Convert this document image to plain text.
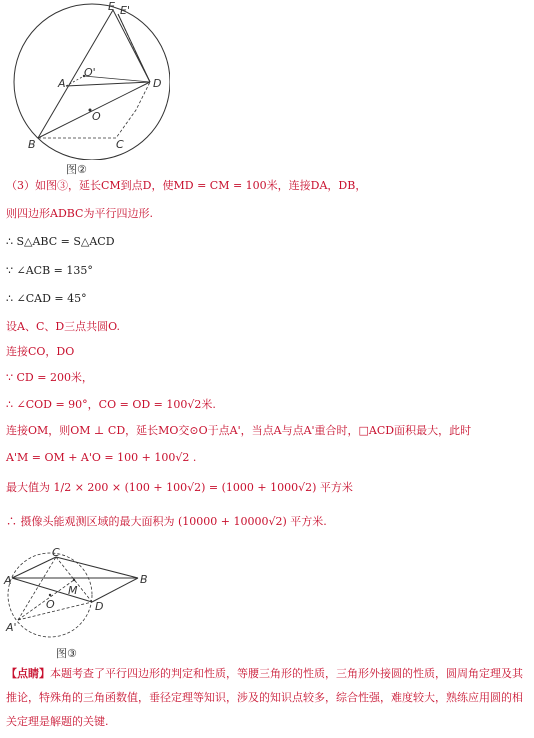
E E'
A
O'
D
O
B	C
图②
（3）如图③，延长CM到点D，使MD = CM = 100米，连接DA，DB，
则四边形ADBC为平行四边形.
∴ S△ABC = S△ACD
∵ ∠ACB = 135°
∴ ∠CAD = 45°
设A、C、D三点共圆O.
连接CO，DO
∵ CD = 200米，
∴ ∠COD = 90°，CO = OD = 100√2米.
连接OM，则OM ⊥ CD，延长MO交⊙O于点A'，当点A与点A'重合时，□ACD面积最大，此时
A'M = OM + A'O = 100 + 100√2 .
最大值为 1/2 × 200 × (100 + 100√2) = (1000 + 1000√2) 平方米
∴ 摄像头能观测区域的最大面积为 (10000 + 10000√2) 平方米.
C
A	B
M
O	D
A'
图③
【点睛】本题考查了平行四边形的判定和性质，等腰三角形的性质，三角形外接圆的性质，圆周角定理及其推论，特殊角的三角函数值，垂径定理等知识，涉及的知识点较多，综合性强，难度较大，熟练应用圆的相关定理是解题的关键.
